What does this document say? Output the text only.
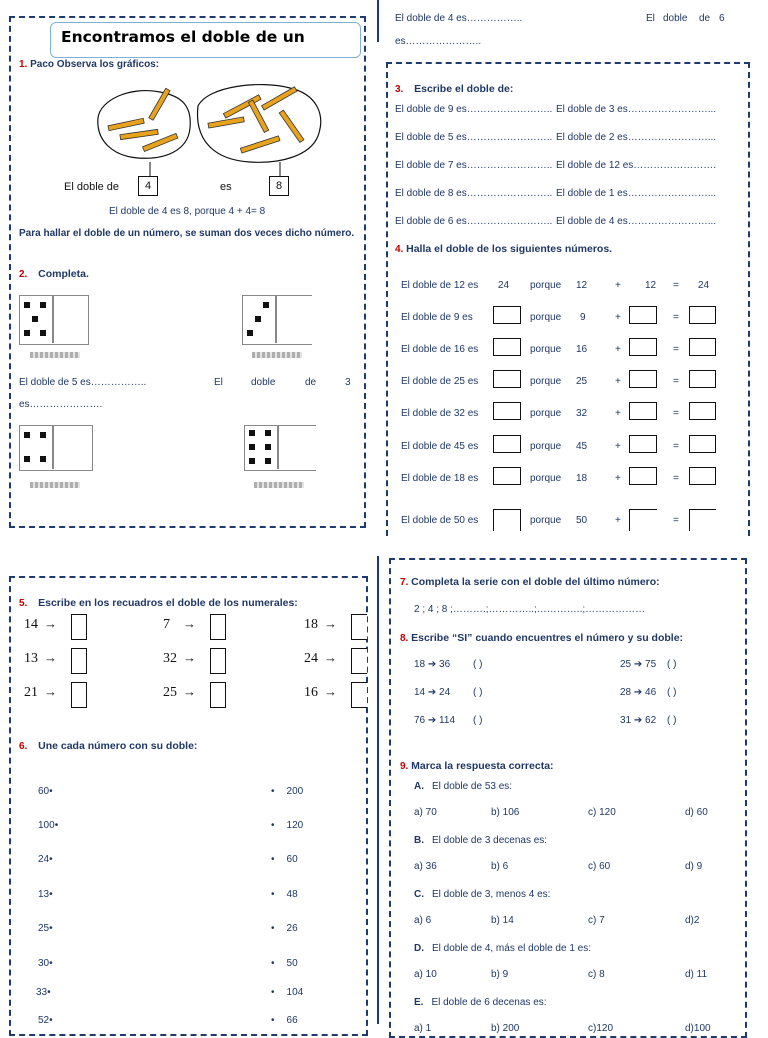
Encontramos el doble de un
1. Paco Observa los gráficos:
El doble de	4	es	8
El doble de 4 es 8, porque 4 + 4= 8
Para hallar el doble de un número, se suman dos veces dicho número.
2. Completa.
El doble de 5 es……………..	El	doble	de	3
es………………….
El doble de 4 es……………..	El doble de 6
es…………………..
3. Escribe el doble de:
4. Halla el doble de los siguientes números.
5. Escribe en los recuadros el doble de los numerales:
6. Une cada número con su doble:
7. Completa la serie con el doble del último número:
2 ; 4 ; 8 ;……….;…………..;…………..;………………
8. Escribe “SI” cuando encuentres el número y su doble:
9. Marca la respuesta correcta:
El doble de 9 es…………………….. El doble de 3 es……………………...
El doble de 5 es…………………….. El doble de 2 es……………………...
El doble de 7 es…………………….. El doble de 12 es…………………….
El doble de 8 es…………………….. El doble de 1 es……………………...
El doble de 6 es…………………….. El doble de 4 es……………………...
El doble de 12 es 24 porque 12	+ 12 = 24
El doble de 9 es	porque 9	+	=
El doble de 16 es	porque 16	+	=
El doble de 25 es	porque 25	+	=
El doble de 32 es	porque 32	+	=
El doble de 45 es	porque 45	+	=
El doble de 18 es	porque 18	+	=
El doble de 50 es	porque 50	+	=
14 →	7 →	18 →
13 →	32 →	24 →
21 →	25 →	16 →
60•	• 200
100•	• 120
24•	• 60
13•	• 48
25•	• 26
30•	• 50
33•	• 104
52•	• 66
18 ➔ 36 ( )	25 ➔ 75 ( )
14 ➔ 24 ( )	28 ➔ 46 ( )
76 ➔ 114 ( )	31 ➔ 62 ( )
A. El doble de 53 es:
a) 70	b) 106	c) 120	d) 60
B. El doble de 3 decenas es:
a) 36	b) 6	c) 60	d) 9
C. El doble de 3, menos 4 es:
a) 6	b) 14	c) 7	d)2
D. El doble de 4, más el doble de 1 es:
a) 10	b) 9	c) 8	d) 11
E. El doble de 6 decenas es:
a) 1	b) 200	c)120	d)100
